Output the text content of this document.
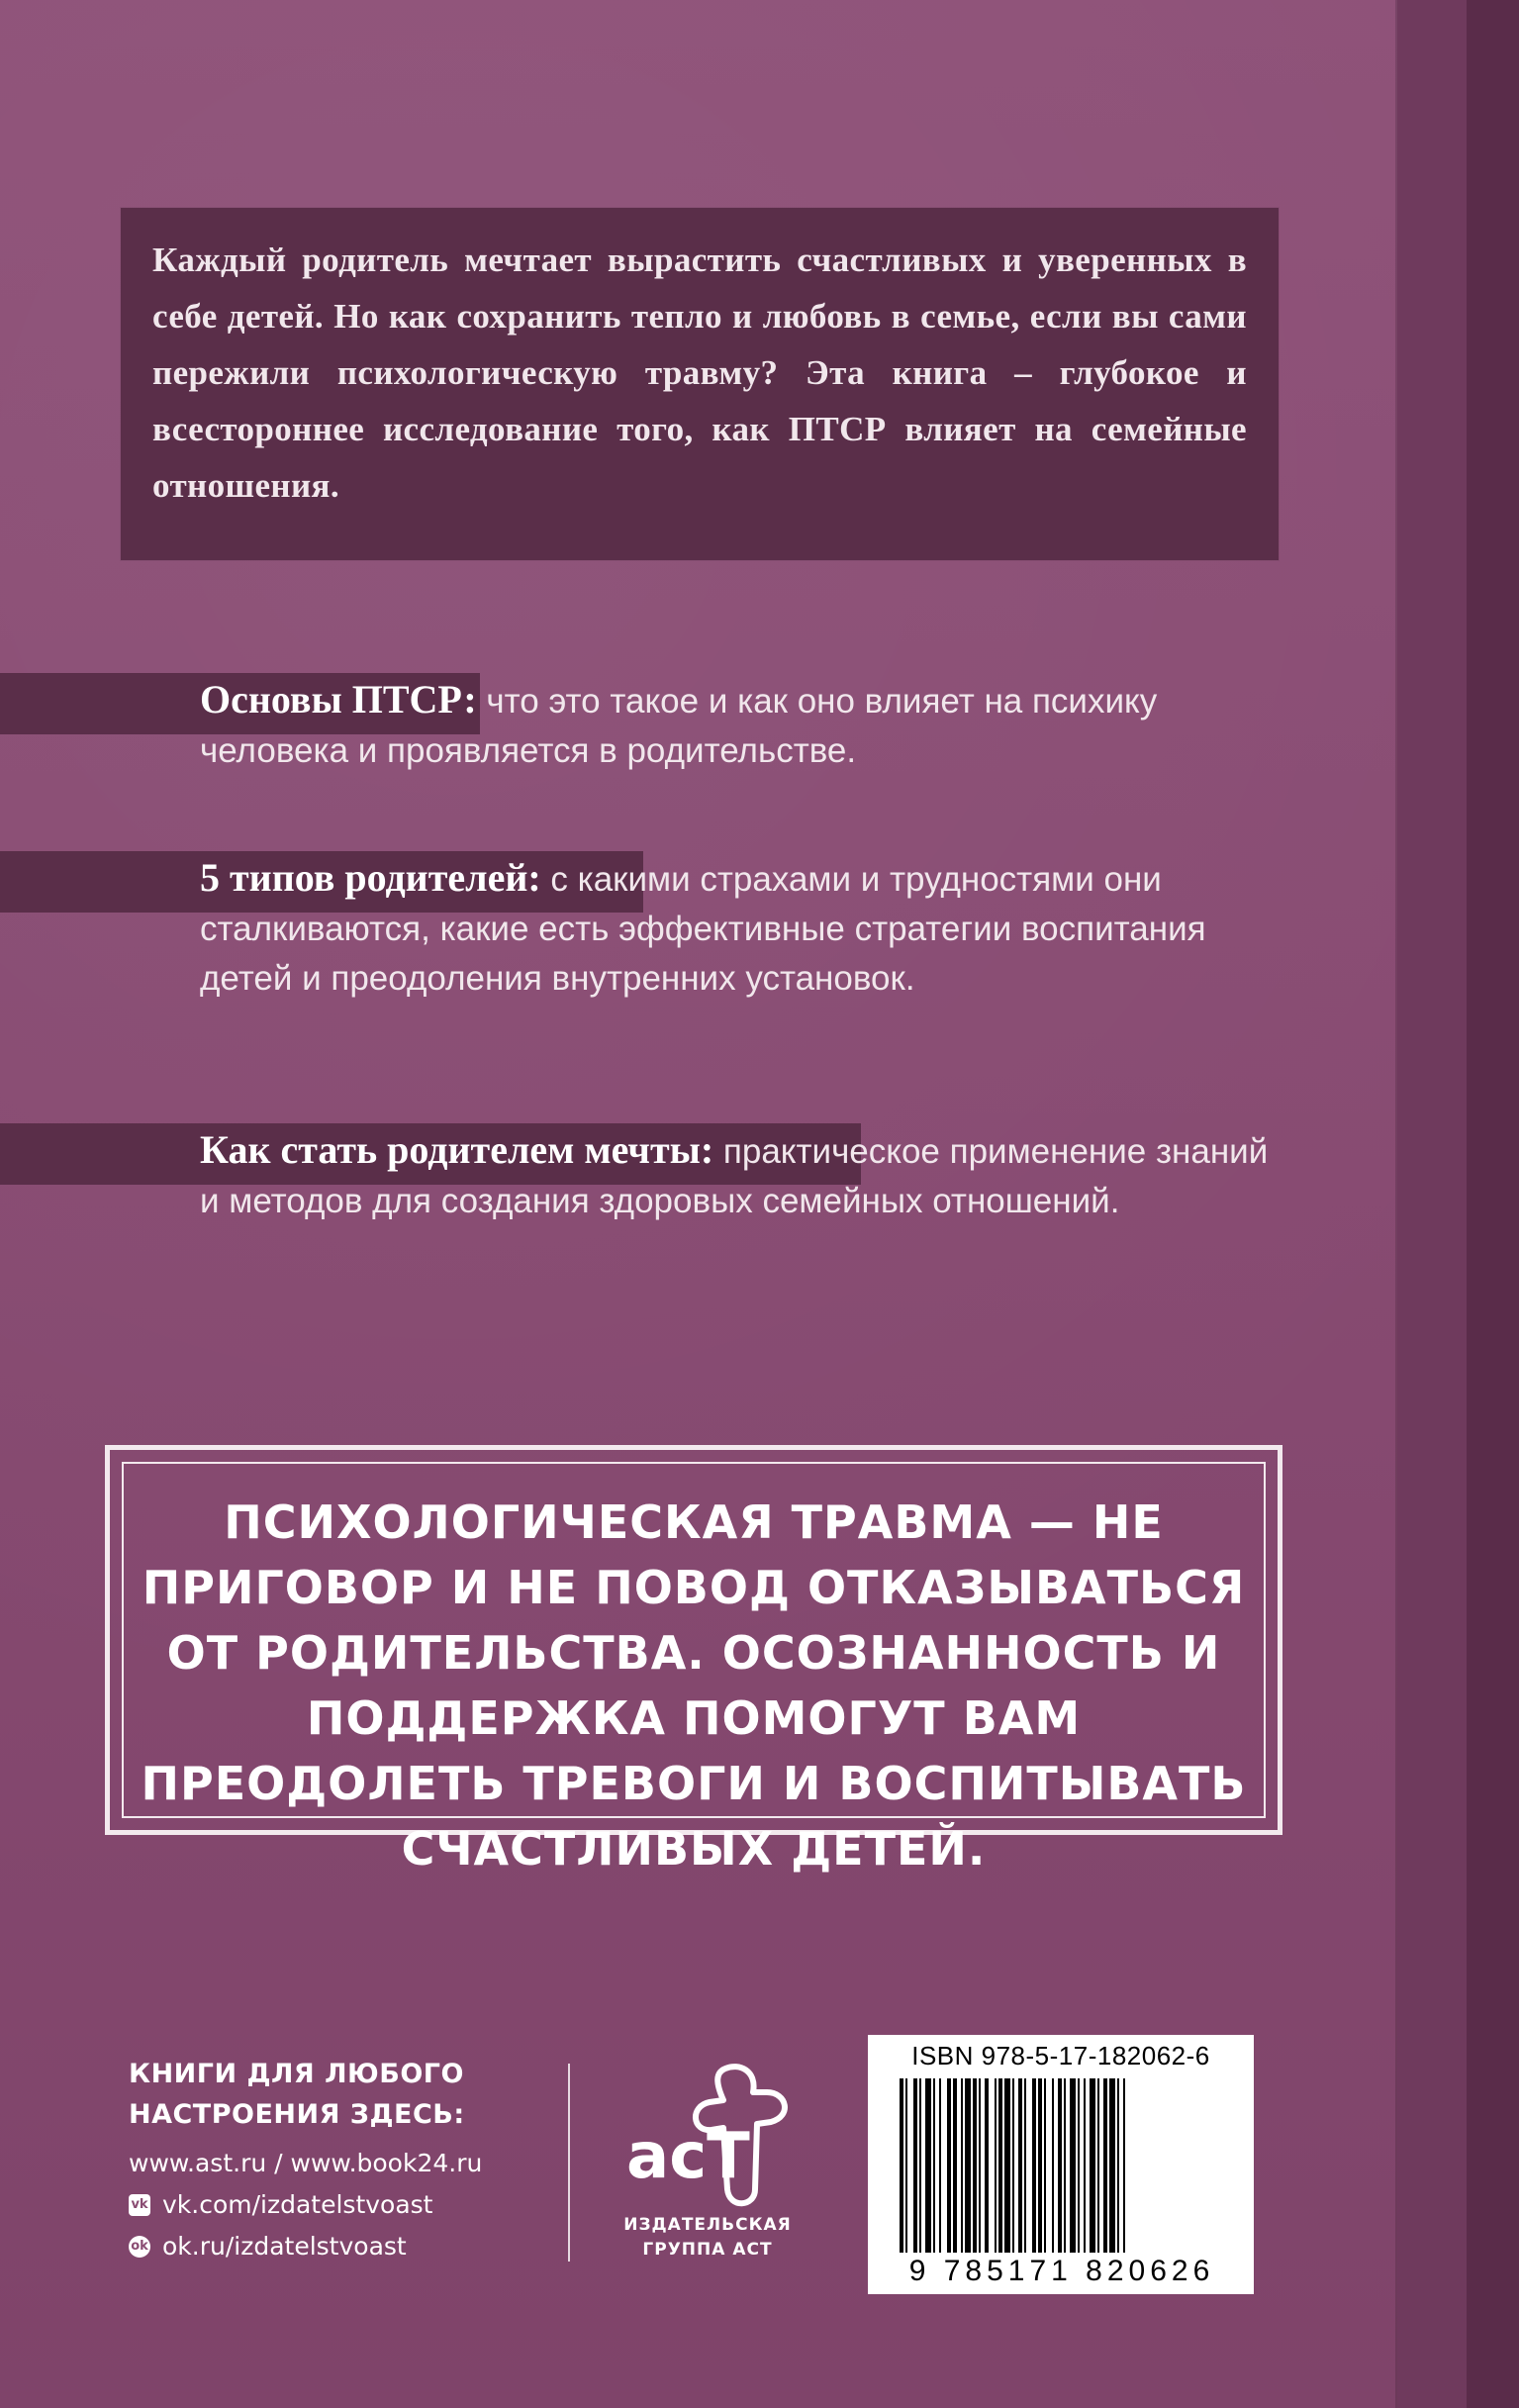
Каждый родитель мечтает вырастить счастливых и уверенных в себе детей. Но как сохранить тепло и любовь в семье, если вы сами пережили психологическую травму? Эта книга – глубокое и всестороннее исследование того, как ПТСР влияет на семейные отношения.
Основы ПТСР: что это такое и как оно влияет на психику человека и проявляется в родительстве.
5 типов родителей: с какими страхами и трудностями они сталкиваются, какие есть эффективные стратегии воспитания детей и преодоления внутренних установок.
Как стать родителем мечты: практическое применение знаний и методов для создания здоровых семейных отношений.
ПСИХОЛОГИЧЕСКАЯ ТРАВМА — НЕ ПРИГОВОР И НЕ ПОВОД ОТКАЗЫВАТЬСЯ ОТ РОДИТЕЛЬСТВА. ОСОЗНАННОСТЬ И ПОДДЕРЖКА ПОМОГУТ ВАМ ПРЕОДОЛЕТЬ ТРЕВОГИ И ВОСПИТЫВАТЬ СЧАСТЛИВЫХ ДЕТЕЙ.
КНИГИ ДЛЯ ЛЮБОГО
НАСТРОЕНИЯ ЗДЕСЬ:
www.ast.ru / www.book24.ru
vk vk.com/izdatelstvoast
ok ok.ru/izdatelstvoast
acT
ИЗДАТЕЛЬСКАЯ
ГРУППА АСТ
ISBN 978-5-17-182062-6
9 785171 820626
